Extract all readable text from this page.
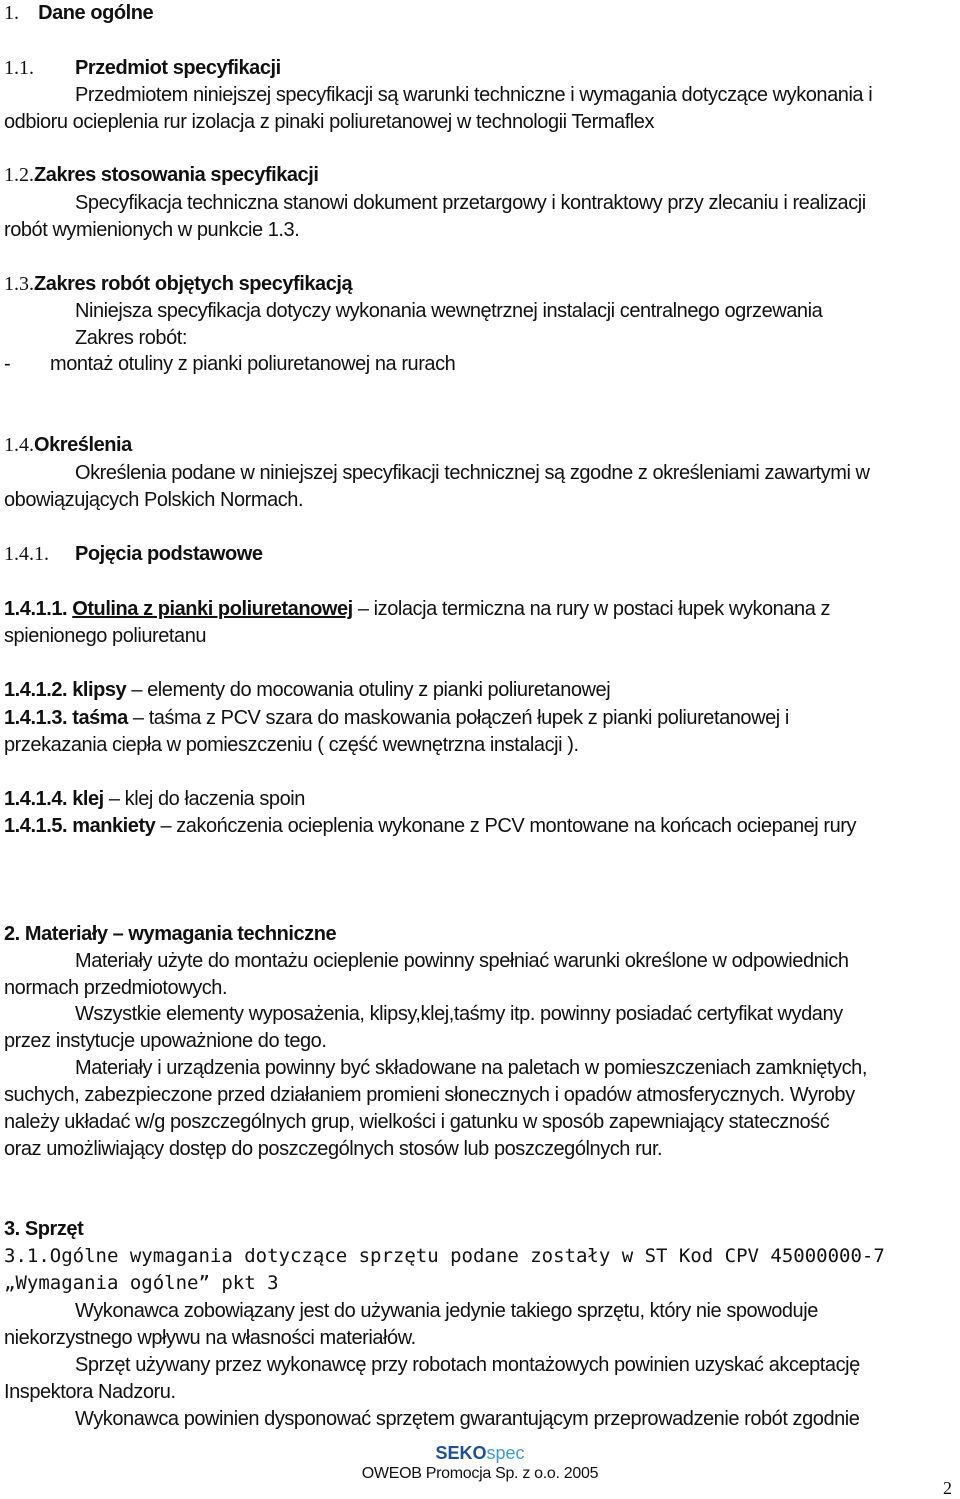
1. Dane ogólne
1.1. Przedmiot specyfikacji
Przedmiotem niniejszej specyfikacji są warunki techniczne i wymagania dotyczące wykonania i
odbioru ocieplenia rur izolacja z pinaki poliuretanowej w technologii Termaflex
1.2.Zakres stosowania specyfikacji
Specyfikacja techniczna stanowi dokument przetargowy i kontraktowy przy zlecaniu i realizacji
robót wymienionych w punkcie 1.3.
1.3.Zakres robót objętych specyfikacją
Niniejsza specyfikacja dotyczy wykonania wewnętrznej instalacji centralnego ogrzewania
Zakres robót:
- montaż otuliny z pianki poliuretanowej na rurach
1.4.Określenia
Określenia podane w niniejszej specyfikacji technicznej są zgodne z określeniami zawartymi w
obowiązujących Polskich Normach.
1.4.1. Pojęcia podstawowe
1.4.1.1. Otulina z pianki poliuretanowej – izolacja termiczna na rury w postaci łupek wykonana z
spienionego poliuretanu
1.4.1.2. klipsy – elementy do mocowania otuliny z pianki poliuretanowej
1.4.1.3. taśma – taśma z PCV szara do maskowania połączeń łupek z pianki poliuretanowej i
przekazania ciepła w pomieszczeniu ( część wewnętrzna instalacji ).
1.4.1.4. klej – klej do łaczenia spoin
1.4.1.5. mankiety – zakończenia ocieplenia wykonane z PCV montowane na końcach ociepanej rury
2. Materiały – wymagania techniczne
Materiały użyte do montażu ocieplenie powinny spełniać warunki określone w odpowiednich
normach przedmiotowych.
Wszystkie elementy wyposażenia, klipsy,klej,taśmy itp. powinny posiadać certyfikat wydany
przez instytucje upoważnione do tego.
Materiały i urządzenia powinny być składowane na paletach w pomieszczeniach zamkniętych,
suchych, zabezpieczone przed działaniem promieni słonecznych i opadów atmosferycznych. Wyroby
należy układać w/g poszczególnych grup, wielkości i gatunku w sposób zapewniający stateczność
oraz umożliwiający dostęp do poszczególnych stosów lub poszczególnych rur.
3. Sprzęt
3.1.Ogólne wymagania dotyczące sprzętu podane zostały w ST Kod CPV 45000000-7
„Wymagania ogólne” pkt 3
Wykonawca zobowiązany jest do używania jedynie takiego sprzętu, który nie spowoduje
niekorzystnego wpływu na własności materiałów.
Sprzęt używany przez wykonawcę przy robotach montażowych powinien uzyskać akceptację
Inspektora Nadzoru.
Wykonawca powinien dysponować sprzętem gwarantującym przeprowadzenie robót zgodnie
SEKOspec
OWEOB Promocja Sp. z o.o. 2005
2
